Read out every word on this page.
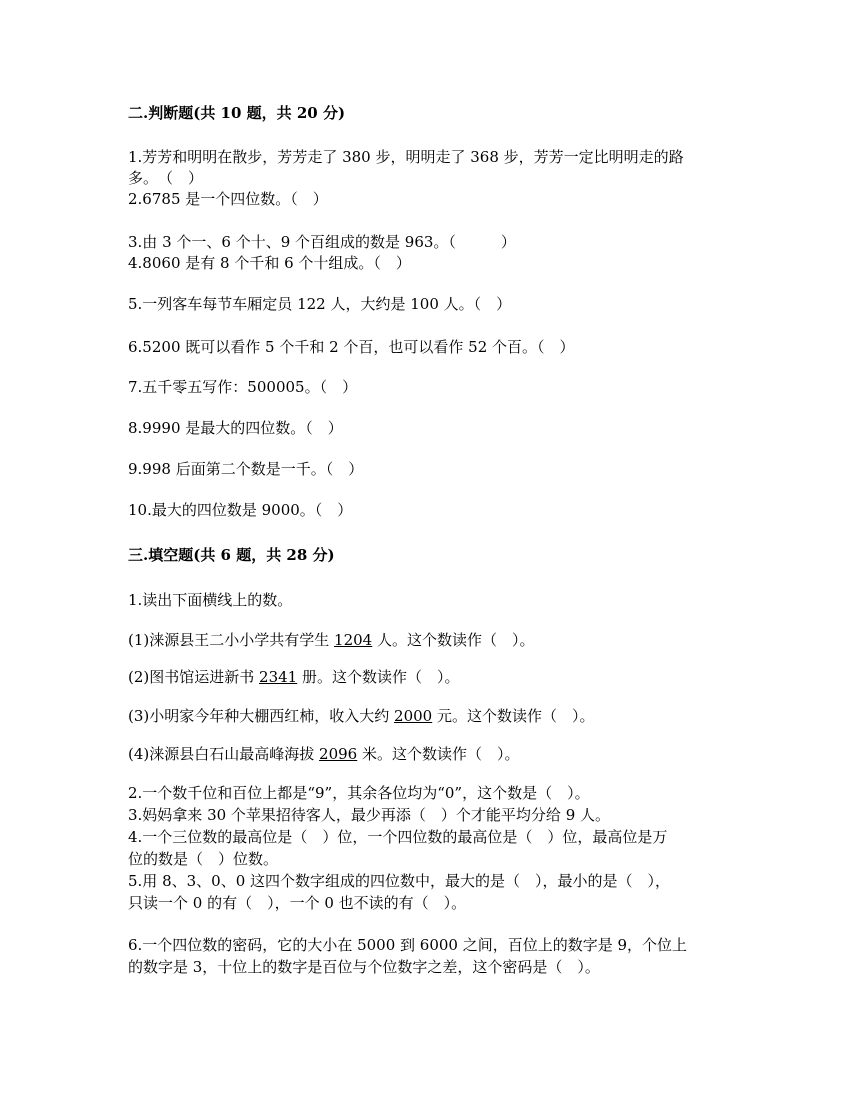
二.判断题(共 10 题，共 20 分)
1.芳芳和明明在散步，芳芳走了 380 步，明明走了 368 步，芳芳一定比明明走的路
多。　（　）
2.6785 是一个四位数。（　）
3.由 3 个一、6 个十、9 个百组成的数是 963。（　　　）
4.8060 是有 8 个千和 6 个十组成。（　）
5.一列客车每节车厢定员 122 人，大约是 100 人。（　）
6.5200 既可以看作 5 个千和 2 个百，也可以看作 52 个百。（　）
7.五千零五写作：500005。（　）
8.9990 是最大的四位数。（　）
9.998 后面第二个数是一千。（　）
10.最大的四位数是 9000。（　）
三.填空题(共 6 题，共 28 分)
1.读出下面横线上的数。
(1)涞源县王二小小学共有学生 1204 人。这个数读作（　）。
(2)图书馆运进新书 2341 册。这个数读作（　）。
(3)小明家今年种大棚西红柿，收入大约 2000 元。这个数读作（　）。
(4)涞源县白石山最高峰海拔 2096 米。这个数读作（　）。
2.一个数千位和百位上都是“9”，其余各位均为“0”，这个数是（　）。
3.妈妈拿来 30 个苹果招待客人，最少再添（　）个才能平均分给 9 人。
4.一个三位数的最高位是（　）位，一个四位数的最高位是（　）位，最高位是万
位的数是（　）位数。
5.用 8、3、0、0 这四个数字组成的四位数中，最大的是（　），最小的是（　），
只读一个 0 的有（　），一个 0 也不读的有（　）。
6.一个四位数的密码，它的大小在 5000 到 6000 之间，百位上的数字是 9，个位上
的数字是 3，十位上的数字是百位与个位数字之差，这个密码是（　）。
